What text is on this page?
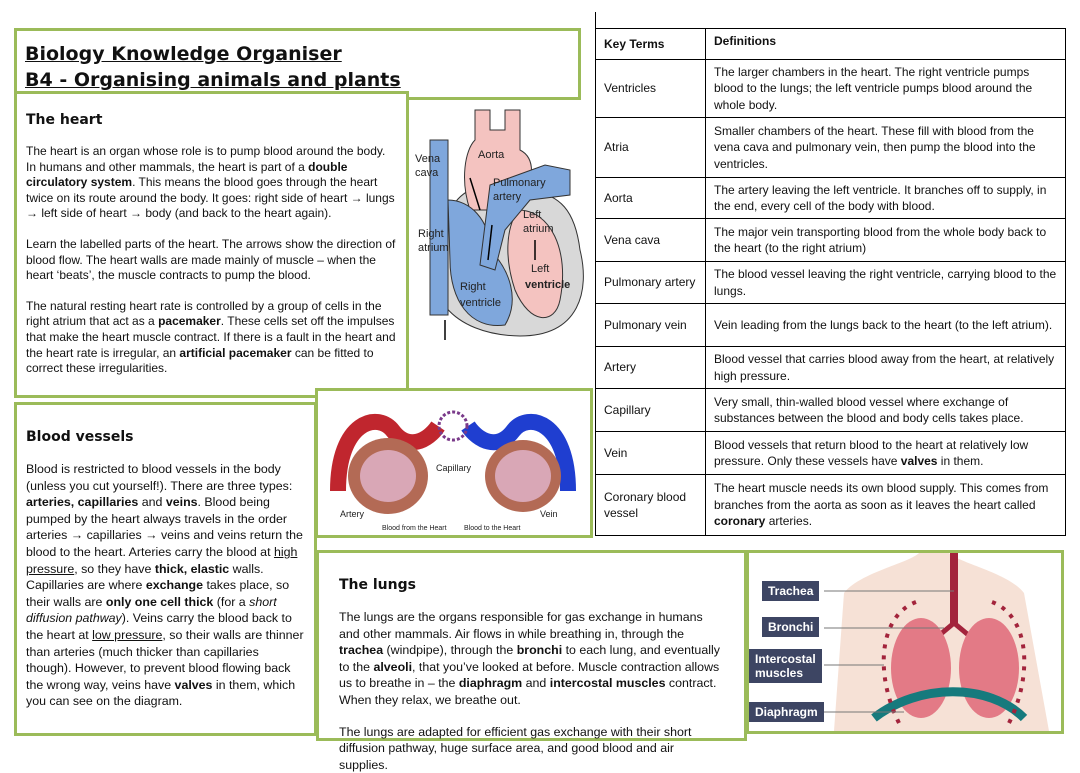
Biology Knowledge Organiser
B4 - Organising animals and plants
The heart

The heart is an organ whose role is to pump blood around the body. In humans and other mammals, the heart is part of a double circulatory system. This means the blood goes through the heart twice on its route around the body. It goes: right side of heart → lungs → left side of heart → body (and back to the heart again).

Learn the labelled parts of the heart. The arrows show the direction of blood flow. The heart walls are made mainly of muscle – when the heart ‘beats’, the muscle contracts to pump the blood.

The natural resting heart rate is controlled by a group of cells in the right atrium that act as a pacemaker. These cells set off the impulses that make the heart muscle contract. If there is a fault in the heart and the heart rate is irregular, an artificial pacemaker can be fitted to correct these irregularities.

Vena
cava
Aorta
Pulmonary
artery
Left
atrium
Right
atrium
Left
ventricle
Right
ventricle
Blood vessels

Blood is restricted to blood vessels in the body (unless you cut yourself!). There are three types: arteries, capillaries and veins. Blood being pumped by the heart always travels in the order arteries → capillaries → veins and veins return the blood to the heart. Arteries carry the blood at high pressure, so they have thick, elastic walls. Capillaries are where exchange takes place, so their walls are only one cell thick (for a short diffusion pathway). Veins carry the blood back to the heart at low pressure, so their walls are thinner than arteries (much thicker than capillaries though). However, to prevent blood flowing back the wrong way, veins have valves in them, which you can see on the diagram.

Capillary
Artery	Vein
Blood from the Heart Blood to the Heart
Key Terms	Definitions
Ventricles	The larger chambers in the heart. The right ventricle pumps blood to the lungs; the left ventricle pumps blood around the whole body.
Atria	Smaller chambers of the heart. These fill with blood from the vena cava and pulmonary vein, then pump the blood into the ventricles.
Aorta	The artery leaving the left ventricle. It branches off to supply, in the end, every cell of the body with blood.
Vena cava	The major vein transporting blood from the whole body back to the heart (to the right atrium)
Pulmonary artery	The blood vessel leaving the right ventricle, carrying blood to the lungs.
Pulmonary vein	Vein leading from the lungs back to the heart (to the left atrium).
Artery	Blood vessel that carries blood away from the heart, at relatively high pressure.
Capillary	Very small, thin-walled blood vessel where exchange of substances between the blood and body cells takes place.
Vein	Blood vessels that return blood to the heart at relatively low pressure. Only these vessels have valves in them.
Coronary blood vessel	The heart muscle needs its own blood supply. This comes from branches from the aorta as soon as it leaves the heart called coronary arteries.
The lungs

The lungs are the organs responsible for gas exchange in humans and other mammals. Air flows in while breathing in, through the trachea (windpipe), through the bronchi to each lung, and eventually to the alveoli, that you’ve looked at before. Muscle contraction allows us to breathe in – the diaphragm and intercostal muscles contract. When they relax, we breathe out.

The lungs are adapted for efficient gas exchange with their short diffusion pathway, huge surface area, and good blood and air supplies.

Trachea
Bronchi
Intercostal
muscles
Diaphragm
